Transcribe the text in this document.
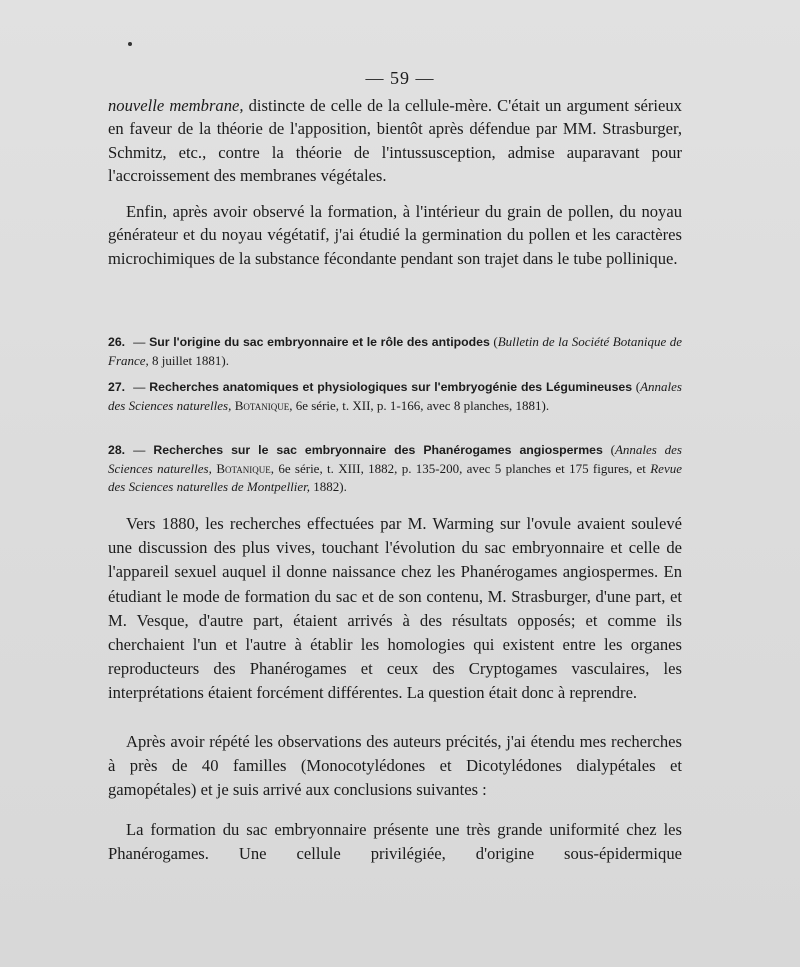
— 59 —

nouvelle membrane, distincte de celle de la cellule-mère. C'était un argument sérieux en faveur de la théorie de l'apposition, bientôt après défendue par MM. Strasburger, Schmitz, etc., contre la théorie de l'intussusception, admise auparavant pour l'accroissement des membranes végétales.

Enfin, après avoir observé la formation, à l'intérieur du grain de pollen, du noyau générateur et du noyau végétatif, j'ai étudié la germination du pollen et les caractères microchimiques de la substance fécondante pendant son trajet dans le tube pollinique.

26. — Sur l'origine du sac embryonnaire et le rôle des antipodes (Bulletin de la Société Botanique de France, 8 juillet 1881).

27. — Recherches anatomiques et physiologiques sur l'embryogénie des Légumineuses (Annales des Sciences naturelles, Botanique, 6e série, t. XII, p. 1-166, avec 8 planches, 1881).

28. — Recherches sur le sac embryonnaire des Phanérogames angiospermes (Annales des Sciences naturelles, Botanique, 6e série, t. XIII, 1882, p. 135-200, avec 5 planches et 175 figures, et Revue des Sciences naturelles de Montpellier, 1882).

Vers 1880, les recherches effectuées par M. Warming sur l'ovule avaient soulevé une discussion des plus vives, touchant l'évolution du sac embryonnaire et celle de l'appareil sexuel auquel il donne naissance chez les Phanérogames angiospermes. En étudiant le mode de formation du sac et de son contenu, M. Strasburger, d'une part, et M. Vesque, d'autre part, étaient arrivés à des résultats opposés; et comme ils cherchaient l'un et l'autre à établir les homologies qui existent entre les organes reproducteurs des Phanérogames et ceux des Cryptogames vasculaires, les interprétations étaient forcément différentes. La question était donc à reprendre.

Après avoir répété les observations des auteurs précités, j'ai étendu mes recherches à près de 40 familles (Monocotylédones et Dicotylédones dialypétales et gamopétales) et je suis arrivé aux conclusions suivantes :

La formation du sac embryonnaire présente une très grande uniformité chez les Phanérogames. Une cellule privilégiée, d'origine sous-épidermique
